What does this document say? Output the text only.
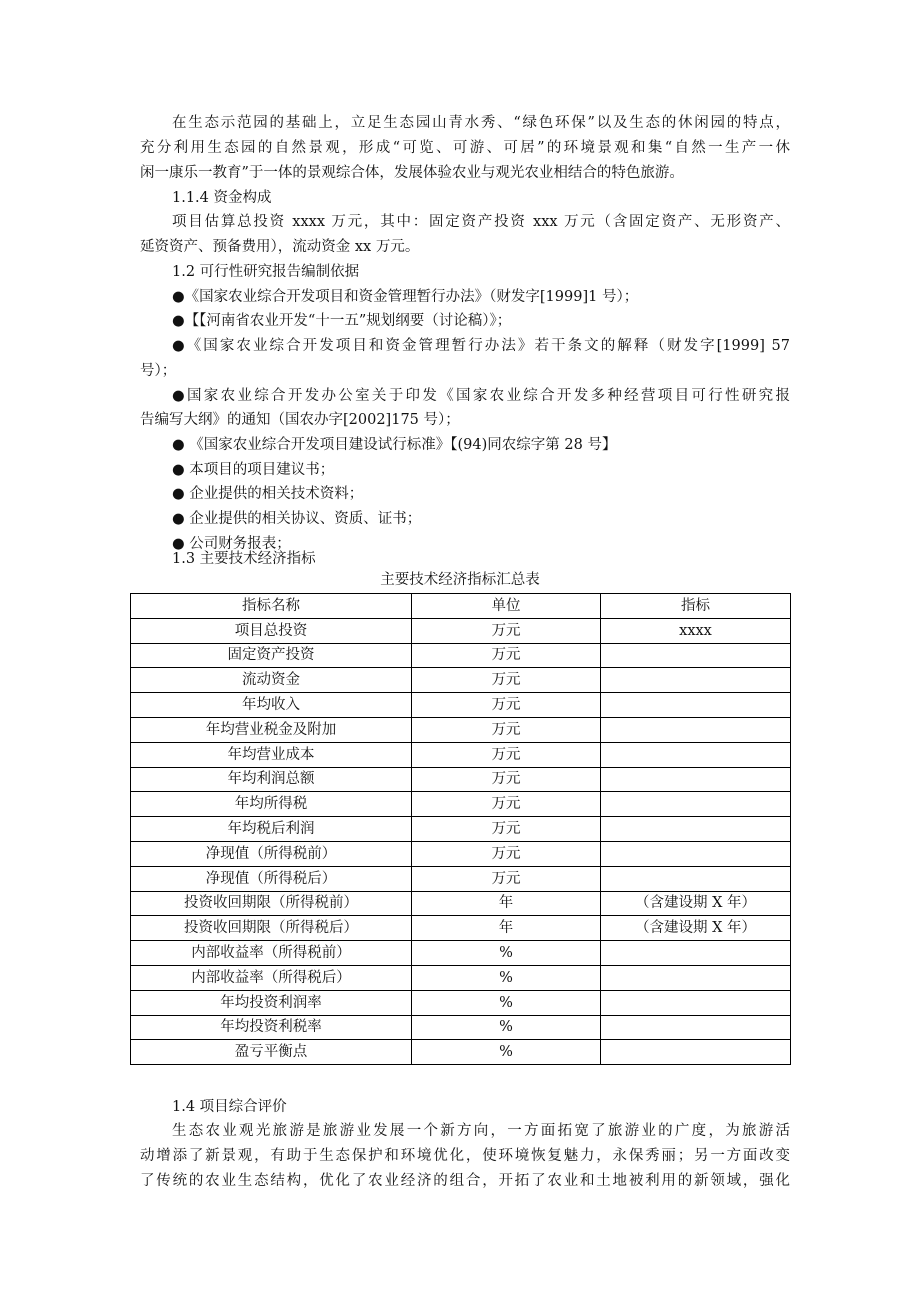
在生态示范园的基础上，立足生态园山青水秀、“绿色环保”以及生态的休闲园的特点，
充分利用生态园的自然景观，形成“可览、可游、可居”的环境景观和集“自然一生产一休
闲一康乐一教育”于一体的景观综合体，发展体验农业与观光农业相结合的特色旅游。
1.1.4 资金构成
项目估算总投资 xxxx 万元，其中：固定资产投资 xxx 万元（含固定资产、无形资产、
延资资产、预备费用），流动资金 xx 万元。
1.2 可行性研究报告编制依据
●《国家农业综合开发项目和资金管理暂行办法》（财发字[1999]1 号）；
●【【河南省农业开发“十一五”规划纲要（讨论稿）》；
●《国家农业综合开发项目和资金管理暂行办法》若干条文的解释（财发字[1999] 57
号）；
●国家农业综合开发办公室关于印发《国家农业综合开发多种经营项目可行性研究报
告编写大纲》的通知（国农办字[2002]175 号）；
● 《国家农业综合开发项目建设试行标准》【(94)同农综字第 28 号】
● 本项目的项目建议书；
● 企业提供的相关技术资料；
● 企业提供的相关协议、资质、证书；
● 公司财务报表；
1.3 主要技术经济指标
主要技术经济指标汇总表
指标名称	单位	指标
项目总投资	万元	xxxx
固定资产投资	万元	
流动资金	万元	
年均收入	万元	
年均营业税金及附加	万元	
年均营业成本	万元	
年均利润总额	万元	
年均所得税	万元	
年均税后利润	万元	
净现值（所得税前）	万元	
净现值（所得税后）	万元	
投资收回期限（所得税前）	年	（含建设期 X 年）
投资收回期限（所得税后）	年	（含建设期 X 年）
内部收益率（所得税前）	%	
内部收益率（所得税后）	%	
年均投资利润率	%	
年均投资利税率	%	
盈亏平衡点	%	
1.4 项目综合评价
生态农业观光旅游是旅游业发展一个新方向，一方面拓宽了旅游业的广度，为旅游活
动增添了新景观，有助于生态保护和环境优化，使环境恢复魅力，永保秀丽；另一方面改变
了传统的农业生态结构，优化了农业经济的组合，开拓了农业和土地被利用的新领域，强化
